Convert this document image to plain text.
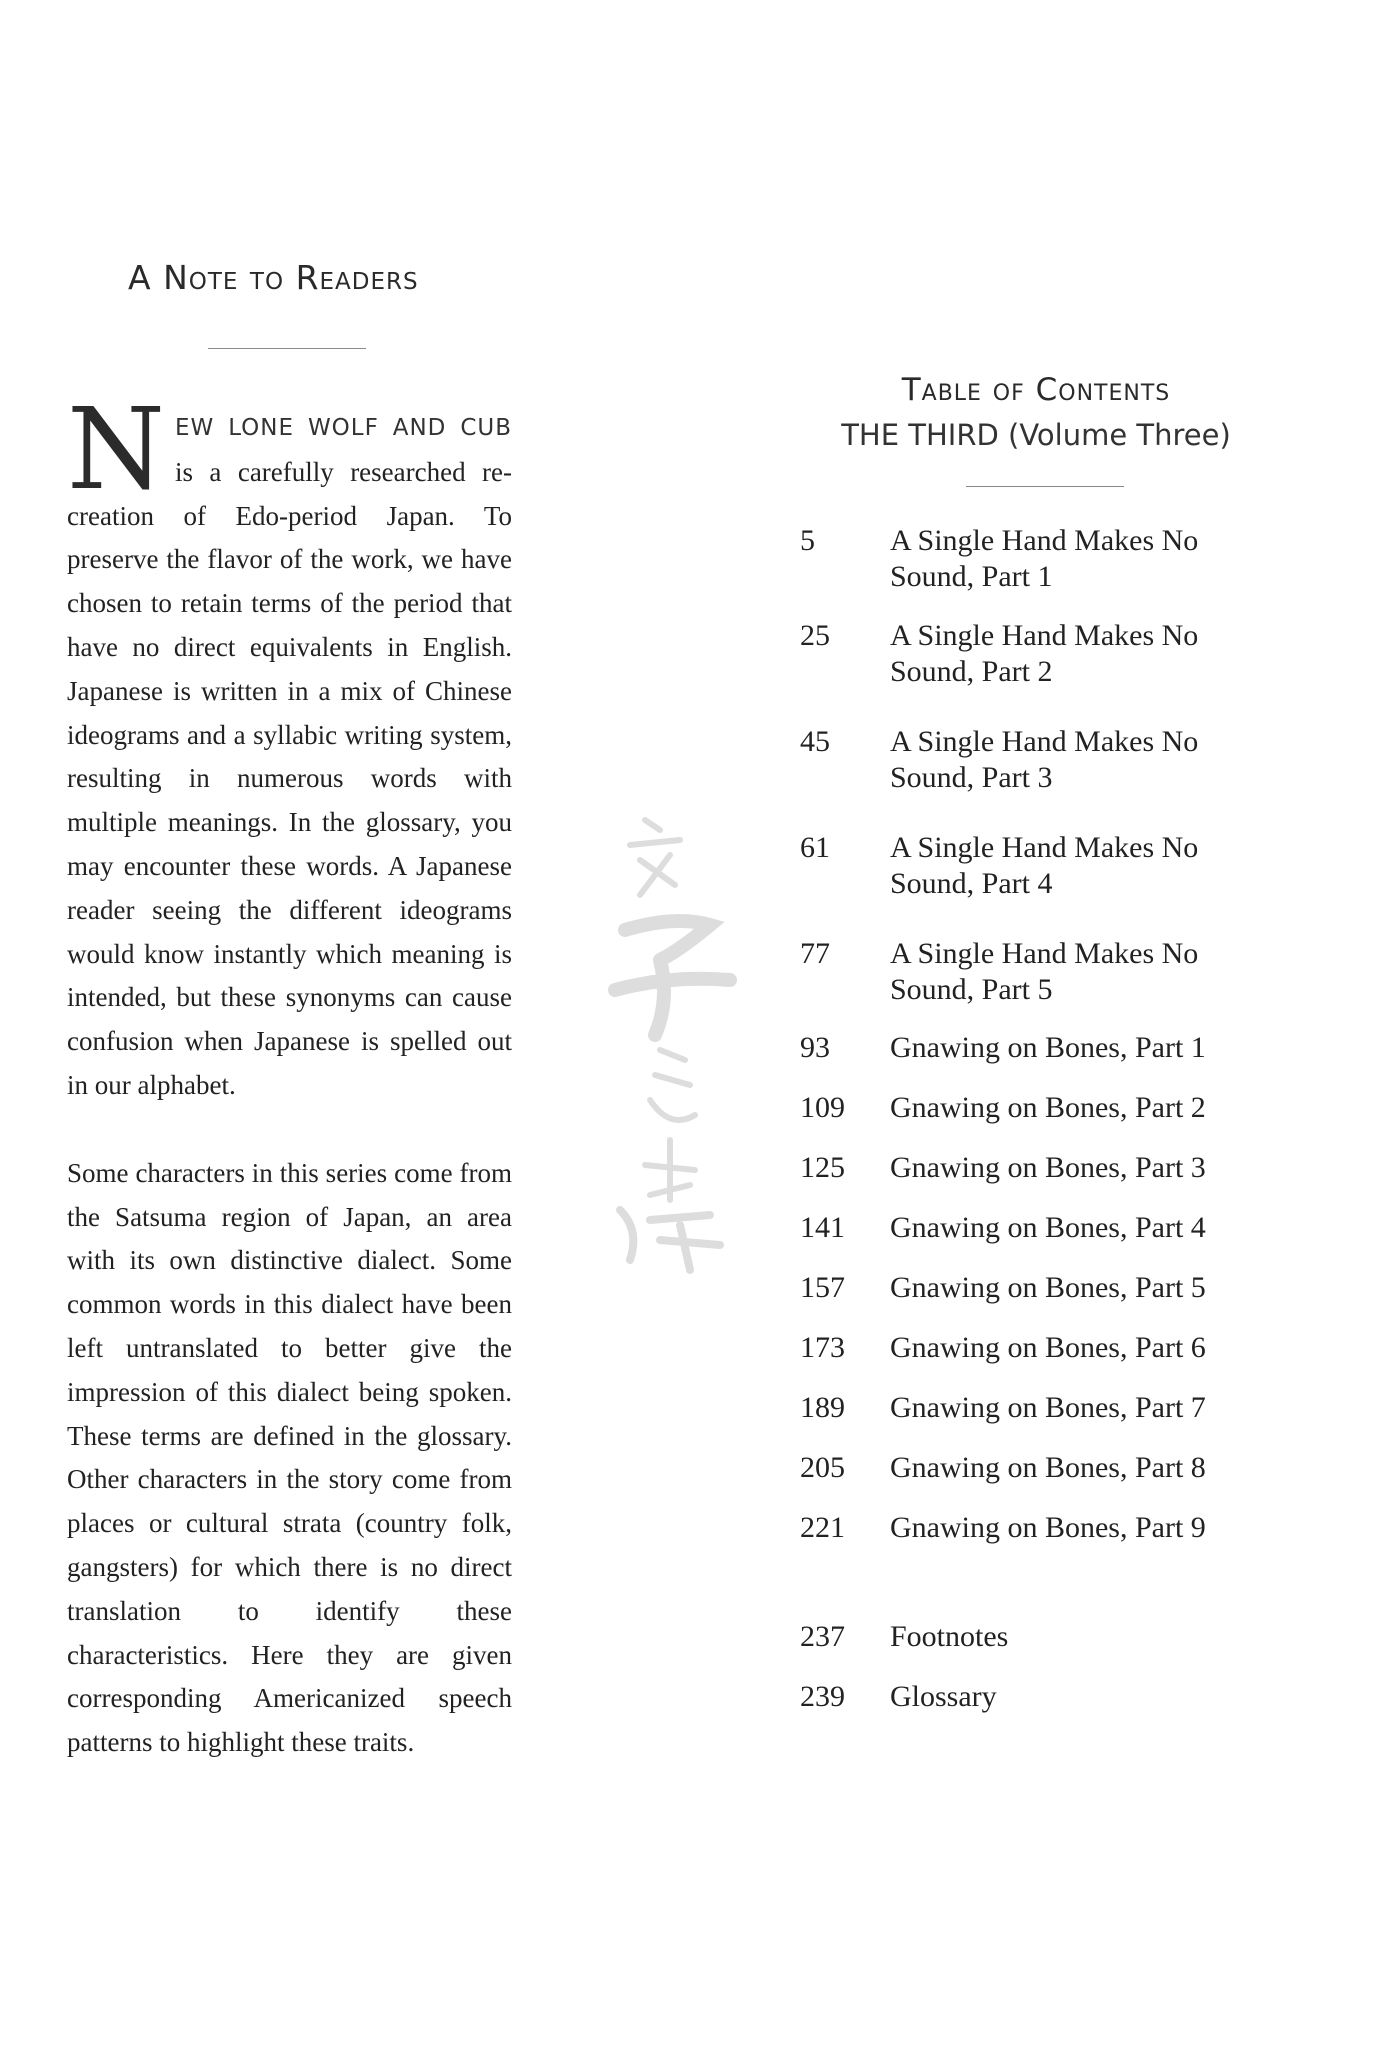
A Note to Readers

NEW LONE WOLF AND CUB is a carefully researched re-creation of Edo-period Japan. To preserve the flavor of the work, we have chosen to retain terms of the period that have no direct equivalents in English. Japanese is written in a mix of Chinese ideograms and a syllabic writing system, resulting in numerous words with multiple meanings. In the glossary, you may encounter these words. A Japanese reader seeing the different ideograms would know instantly which meaning is intended, but these synonyms can cause confusion when Japanese is spelled out in our alphabet.

Some characters in this series come from the Satsuma region of Japan, an area with its own distinctive dialect. Some common words in this dialect have been left untranslated to better give the impression of this dialect being spoken. These terms are defined in the glossary. Other characters in the story come from places or cultural strata (country folk, gangsters) for which there is no direct translation to identify these characteristics. Here they are given corresponding Americanized speech patterns to highlight these traits.

Table of Contents
THE THIRD (Volume Three)
5	A Single Hand Makes No Sound, Part 1
25	A Single Hand Makes No Sound, Part 2
45	A Single Hand Makes No Sound, Part 3
61	A Single Hand Makes No Sound, Part 4
77	A Single Hand Makes No Sound, Part 5
93	Gnawing on Bones, Part 1
109	Gnawing on Bones, Part 2
125	Gnawing on Bones, Part 3
141	Gnawing on Bones, Part 4
157	Gnawing on Bones, Part 5
173	Gnawing on Bones, Part 6
189	Gnawing on Bones, Part 7
205	Gnawing on Bones, Part 8
221	Gnawing on Bones, Part 9
237	Footnotes
239	Glossary
